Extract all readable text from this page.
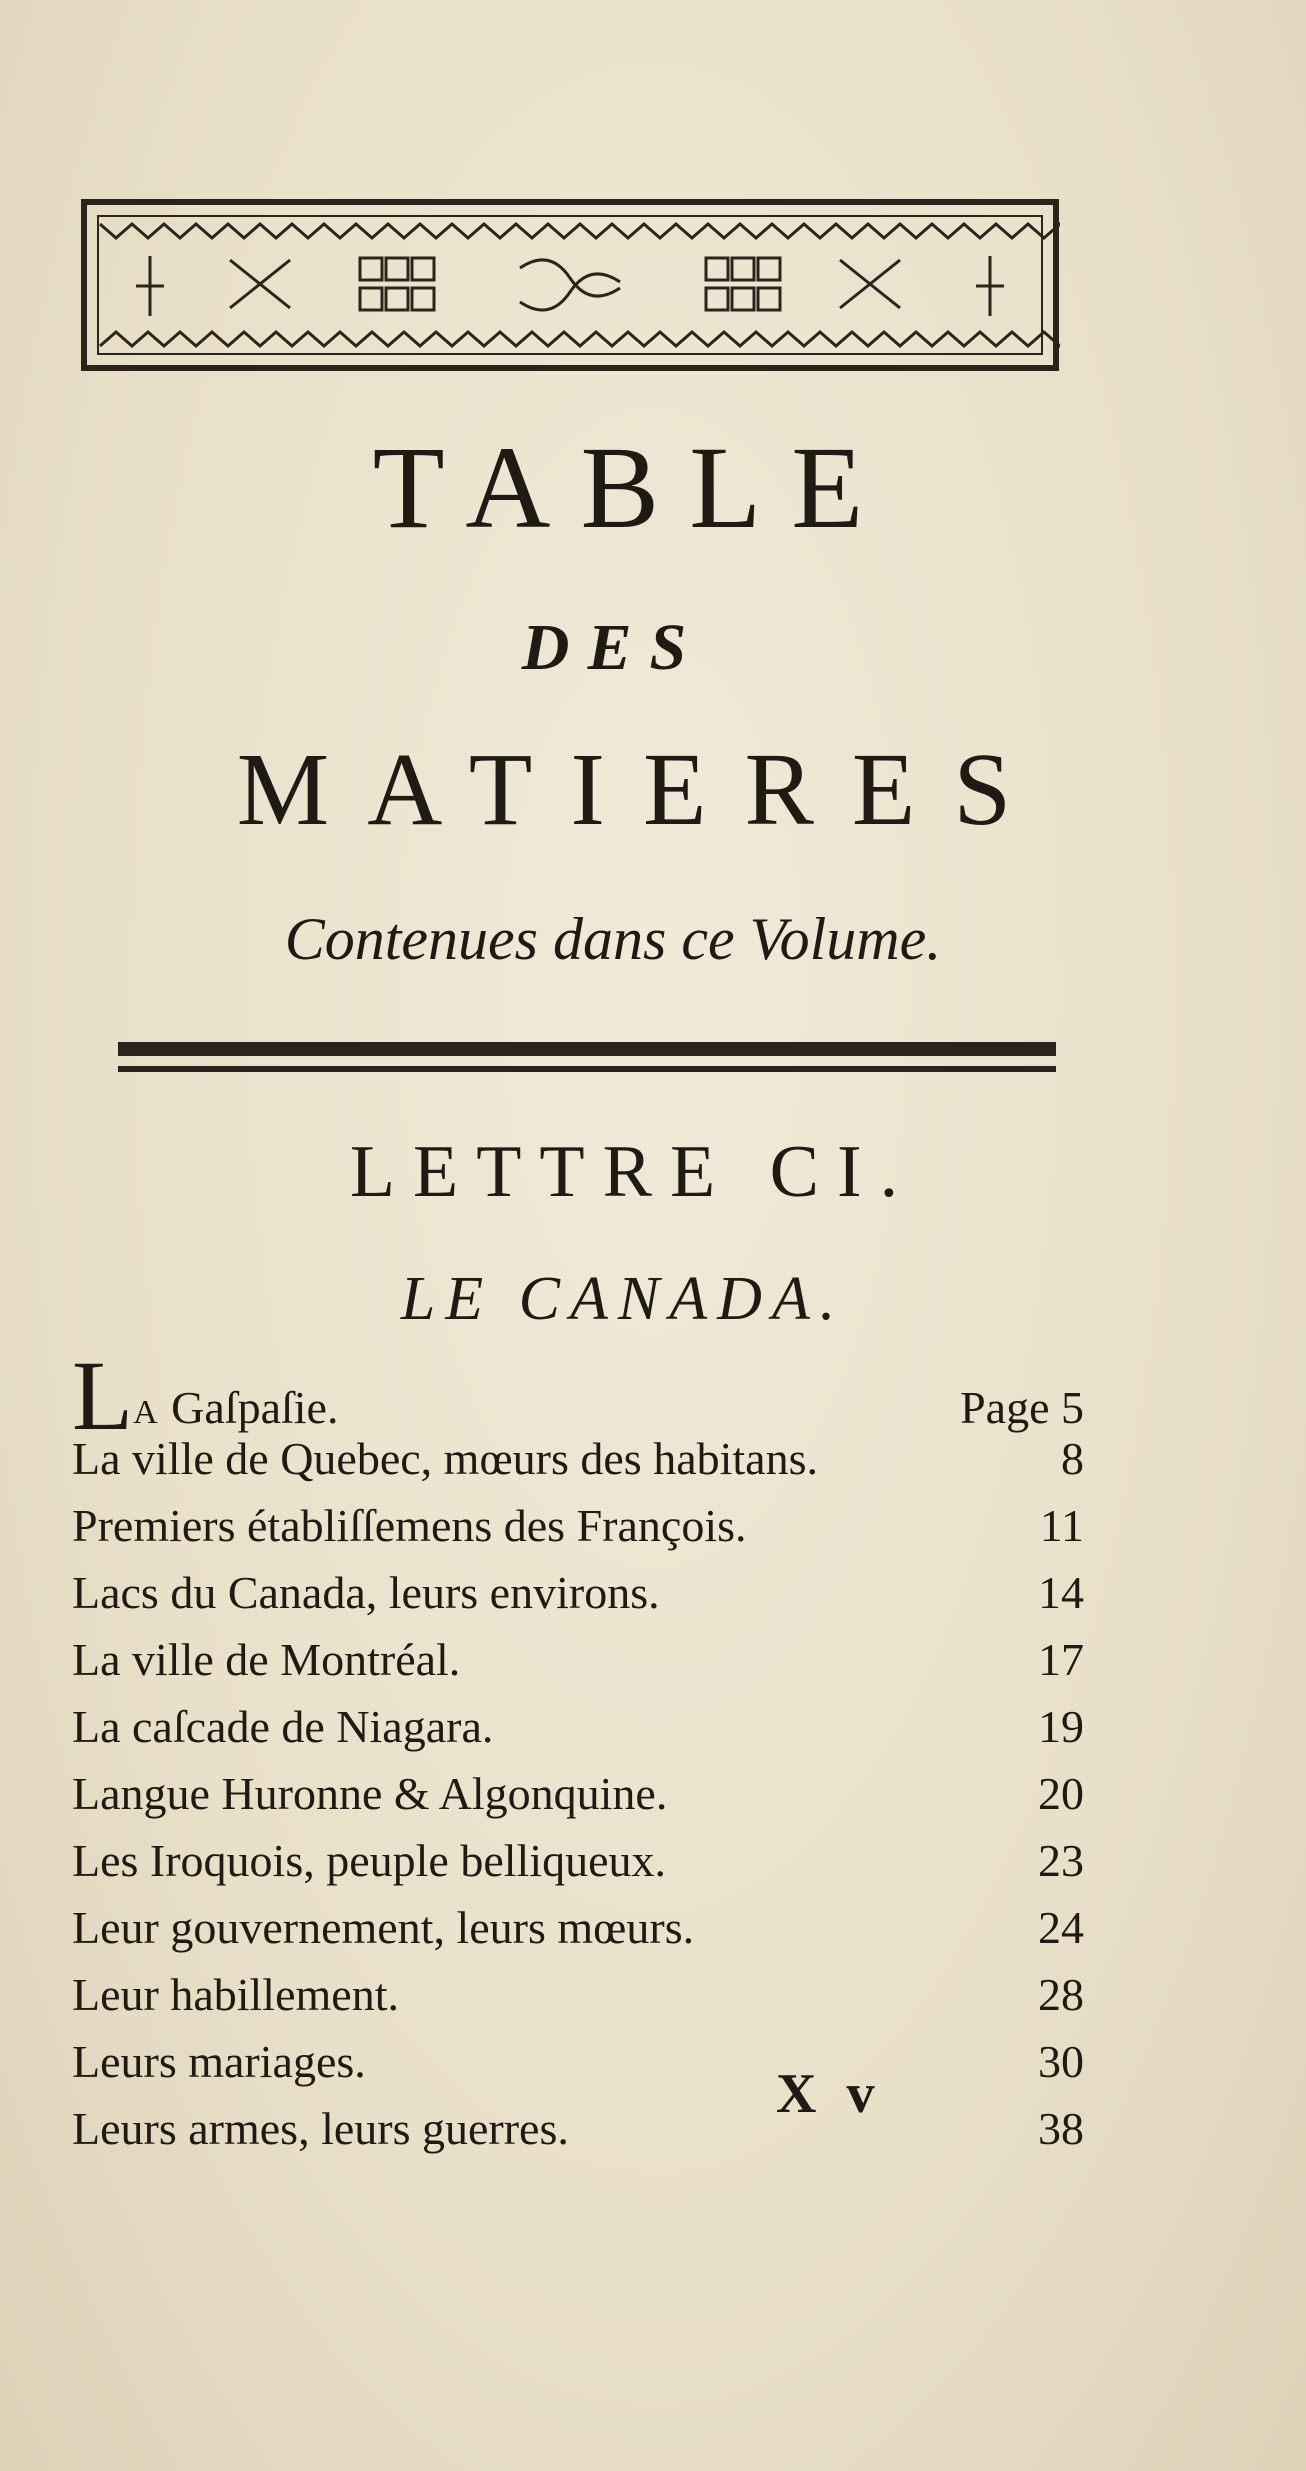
TABLE
DES
MATIERES
Contenues dans ce Volume.
LETTRE CI.
LE CANADA.
LA Gaſpaſie.	Page 5
La ville de Quebec, mœurs des habitans.	8
Premiers établiſſemens des François.	11
Lacs du Canada, leurs environs.	14
La ville de Montréal.	17
La caſcade de Niagara.	19
Langue Huronne & Algonquine.	20
Les Iroquois, peuple belliqueux.	23
Leur gouvernement, leurs mœurs.	24
Leur habillement.	28
Leurs mariages.	30
Leurs armes, leurs guerres.	38
X v
